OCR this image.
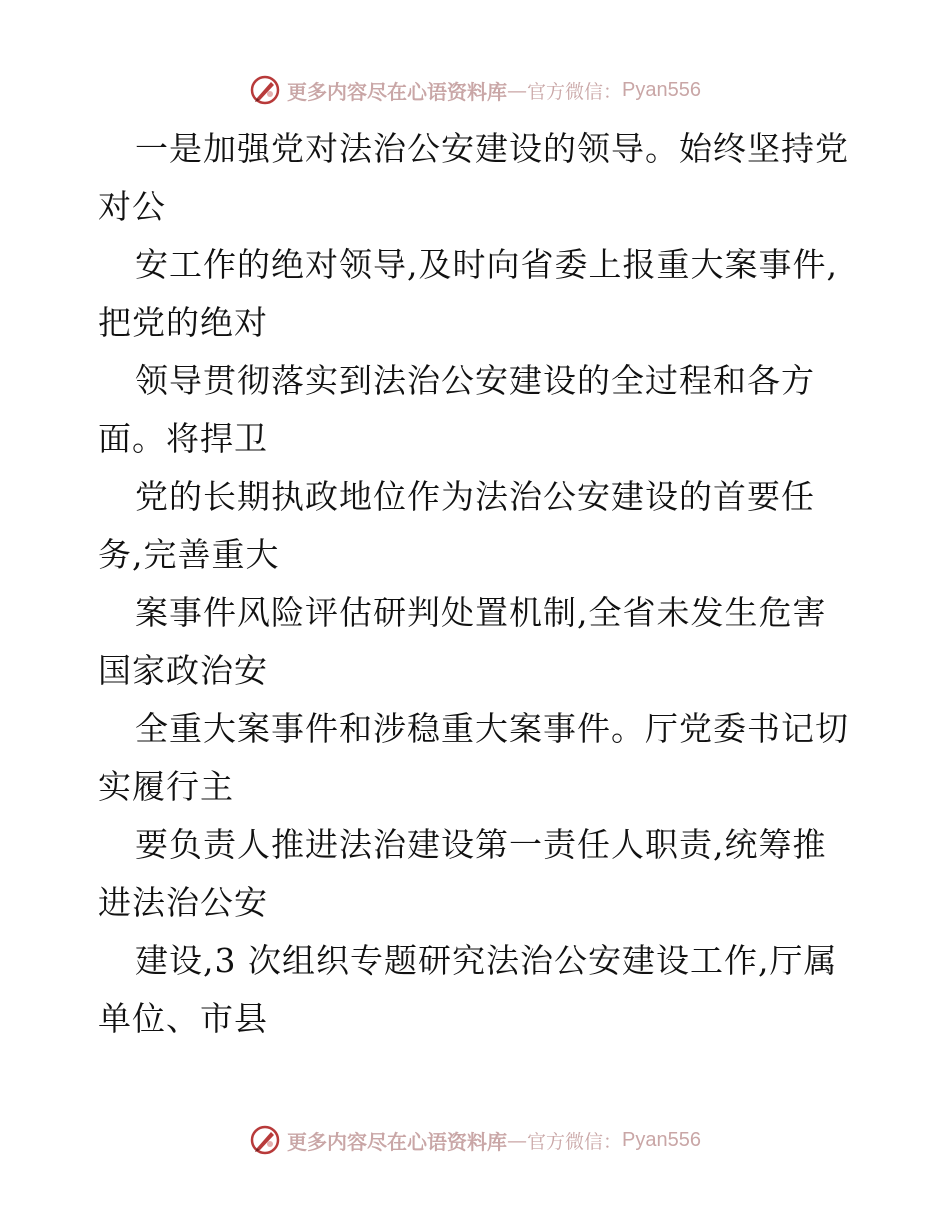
更多内容尽在心语资料库 — 官方微信： Pyan556

一是加强党对法治公安建设的领导。始终坚持党
对公

安工作的绝对领导,及时向省委上报重大案事件,
把党的绝对

领导贯彻落实到法治公安建设的全过程和各方
面。将捍卫

党的长期执政地位作为法治公安建设的首要任
务,完善重大

案事件风险评估研判处置机制,全省未发生危害
国家政治安

全重大案事件和涉稳重大案事件。厅党委书记切
实履行主

要负责人推进法治建设第一责任人职责,统筹推
进法治公安

建设,3 次组织专题研究法治公安建设工作,厅属
单位、市县

更多内容尽在心语资料库 — 官方微信： Pyan556
